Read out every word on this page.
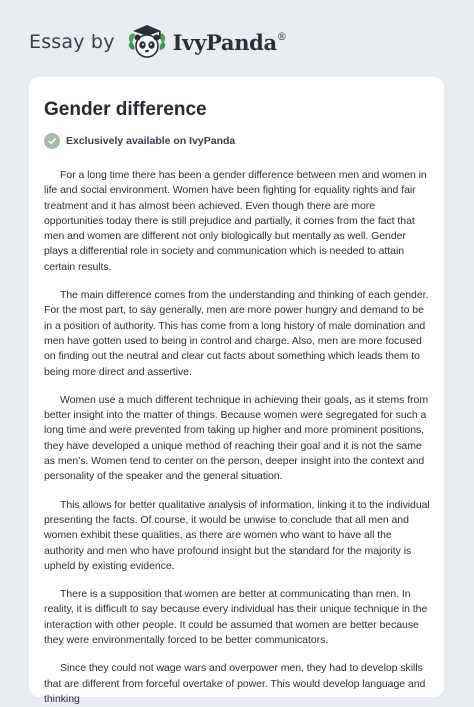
Essay by	IvyPanda®
Gender difference
Exclusively available on IvyPanda

For a long time there has been a gender difference between men and women in life and social environment. Women have been fighting for equality rights and fair treatment and it has almost been achieved. Even though there are more opportunities today there is still prejudice and partially, it comes from the fact that men and women are different not only biologically but mentally as well. Gender plays a differential role in society and communication which is needed to attain certain results.

The main difference comes from the understanding and thinking of each gender. For the most part, to say generally, men are more power hungry and demand to be in a position of authority. This has come from a long history of male domination and men have gotten used to being in control and charge. Also, men are more focused on finding out the neutral and clear cut facts about something which leads them to being more direct and assertive.

Women use a much different technique in achieving their goals, as it stems from better insight into the matter of things. Because women were segregated for such a long time and were prevented from taking up higher and more prominent positions, they have developed a unique method of reaching their goal and it is not the same as men’s. Women tend to center on the person, deeper insight into the context and personality of the speaker and the general situation.

This allows for better qualitative analysis of information, linking it to the individual presenting the facts. Of course, it would be unwise to conclude that all men and women exhibit these qualities, as there are women who want to have all the authority and men who have profound insight but the standard for the majority is upheld by existing evidence.

There is a supposition that women are better at communicating than men. In reality, it is difficult to say because every individual has their unique technique in the interaction with other people. It could be assumed that women are better because they were environmentally forced to be better communicators.

Since they could not wage wars and overpower men, they had to develop skills that are different from forceful overtake of power. This would develop language and thinking
